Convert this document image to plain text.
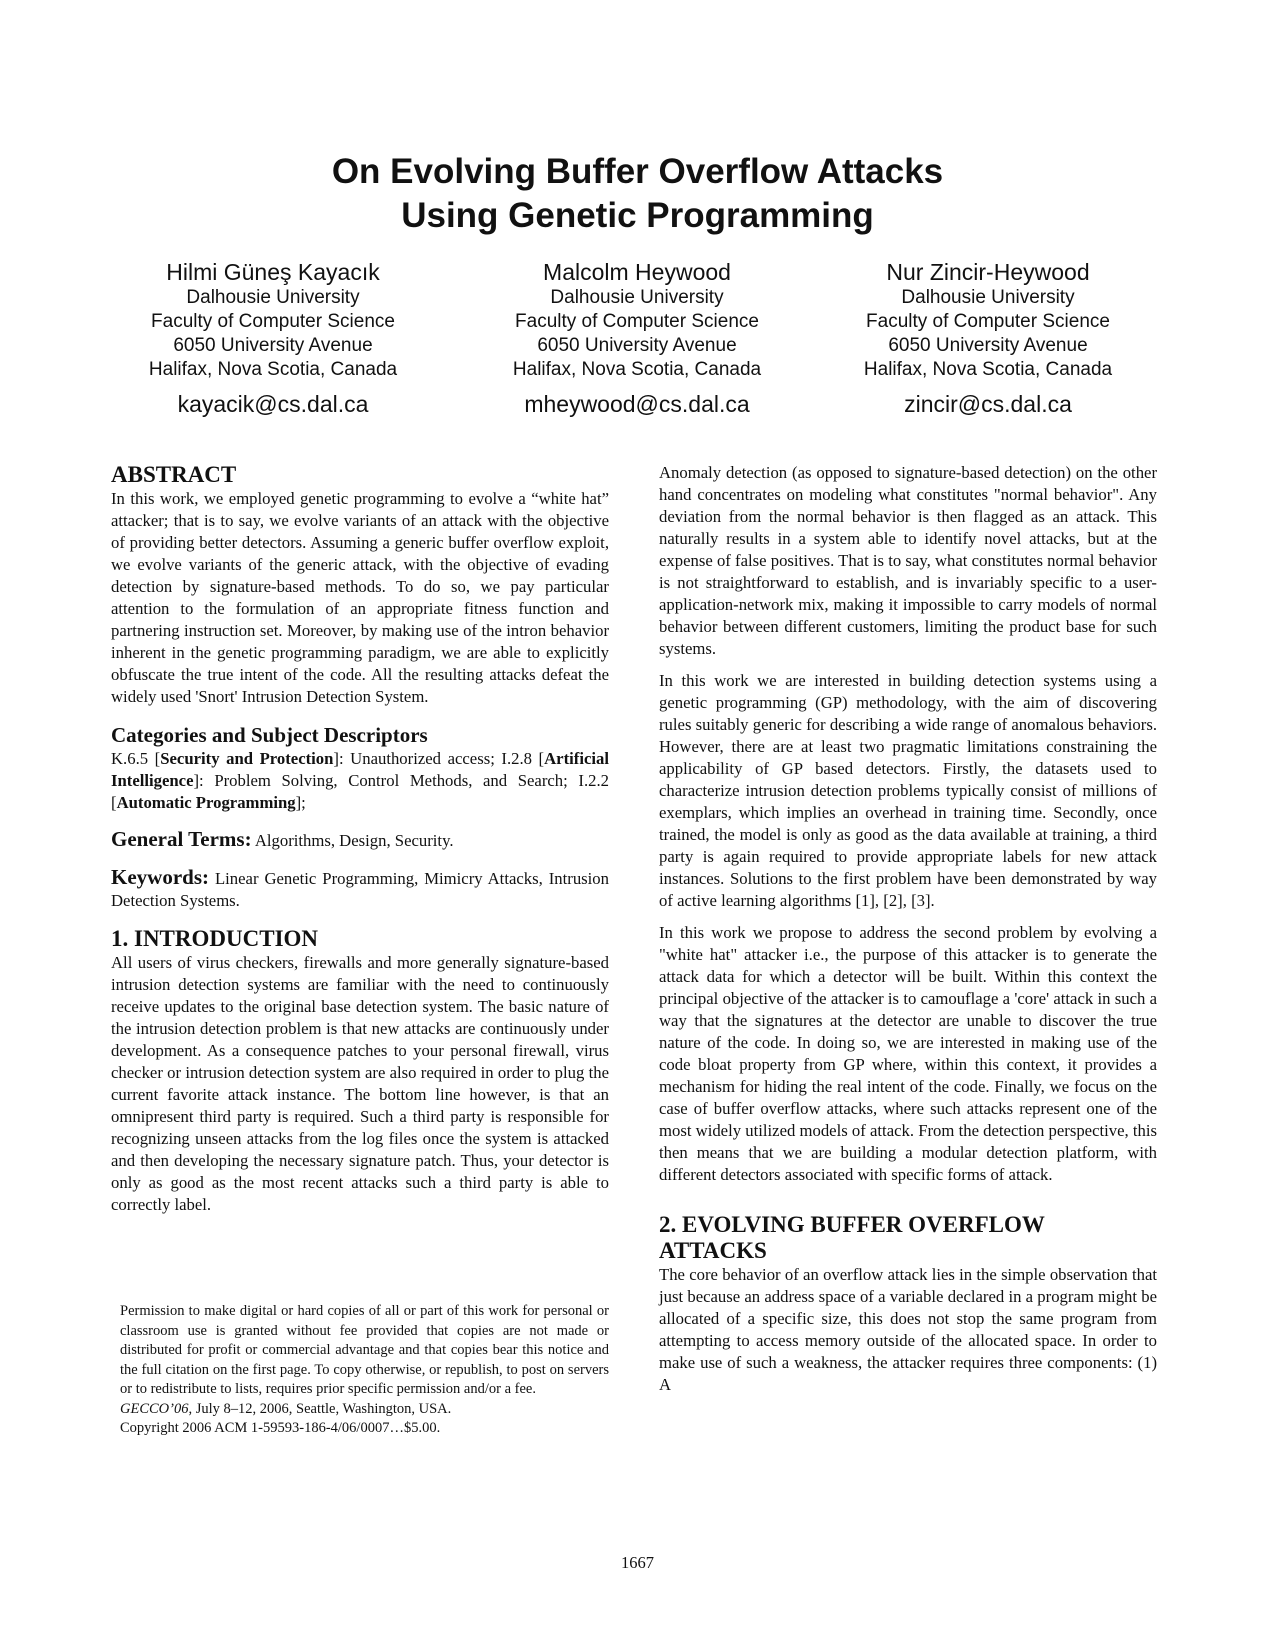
On Evolving Buffer Overflow Attacks
Using Genetic Programming
Hilmi Güneş Kayacık
Dalhousie University
Faculty of Computer Science
6050 University Avenue
Halifax, Nova Scotia, Canada
kayacik@cs.dal.ca
Malcolm Heywood
Dalhousie University
Faculty of Computer Science
6050 University Avenue
Halifax, Nova Scotia, Canada
mheywood@cs.dal.ca
Nur Zincir-Heywood
Dalhousie University
Faculty of Computer Science
6050 University Avenue
Halifax, Nova Scotia, Canada
zincir@cs.dal.ca
ABSTRACT

In this work, we employed genetic programming to evolve a “white hat” attacker; that is to say, we evolve variants of an attack with the objective of providing better detectors. Assuming a generic buffer overflow exploit, we evolve variants of the generic attack, with the objective of evading detection by signature-based methods. To do so, we pay particular attention to the formulation of an appropriate fitness function and partnering instruction set. Moreover, by making use of the intron behavior inherent in the genetic programming paradigm, we are able to explicitly obfuscate the true intent of the code. All the resulting attacks defeat the widely used 'Snort' Intrusion Detection System.

Categories and Subject Descriptors

K.6.5 [Security and Protection]: Unauthorized access; I.2.8 [Artificial Intelligence]: Problem Solving, Control Methods, and Search; I.2.2 [Automatic Programming];

General Terms: Algorithms, Design, Security.

Keywords: Linear Genetic Programming, Mimicry Attacks, Intrusion Detection Systems.

1. INTRODUCTION

All users of virus checkers, firewalls and more generally signature-based intrusion detection systems are familiar with the need to continuously receive updates to the original base detection system. The basic nature of the intrusion detection problem is that new attacks are continuously under development. As a consequence patches to your personal firewall, virus checker or intrusion detection system are also required in order to plug the current favorite attack instance. The bottom line however, is that an omnipresent third party is required. Such a third party is responsible for recognizing unseen attacks from the log files once the system is attacked and then developing the necessary signature patch. Thus, your detector is only as good as the most recent attacks such a third party is able to correctly label.

Permission to make digital or hard copies of all or part of this work for personal or classroom use is granted without fee provided that copies are not made or distributed for profit or commercial advantage and that copies bear this notice and the full citation on the first page. To copy otherwise, or republish, to post on servers or to redistribute to lists, requires prior specific permission and/or a fee.

GECCO’06, July 8–12, 2006, Seattle, Washington, USA.

Copyright 2006 ACM 1-59593-186-4/06/0007…$5.00.

Anomaly detection (as opposed to signature-based detection) on the other hand concentrates on modeling what constitutes "normal behavior". Any deviation from the normal behavior is then flagged as an attack. This naturally results in a system able to identify novel attacks, but at the expense of false positives. That is to say, what constitutes normal behavior is not straightforward to establish, and is invariably specific to a user-application-network mix, making it impossible to carry models of normal behavior between different customers, limiting the product base for such systems.

In this work we are interested in building detection systems using a genetic programming (GP) methodology, with the aim of discovering rules suitably generic for describing a wide range of anomalous behaviors. However, there are at least two pragmatic limitations constraining the applicability of GP based detectors. Firstly, the datasets used to characterize intrusion detection problems typically consist of millions of exemplars, which implies an overhead in training time. Secondly, once trained, the model is only as good as the data available at training, a third party is again required to provide appropriate labels for new attack instances. Solutions to the first problem have been demonstrated by way of active learning algorithms [1], [2], [3].

In this work we propose to address the second problem by evolving a "white hat" attacker i.e., the purpose of this attacker is to generate the attack data for which a detector will be built. Within this context the principal objective of the attacker is to camouflage a 'core' attack in such a way that the signatures at the detector are unable to discover the true nature of the code. In doing so, we are interested in making use of the code bloat property from GP where, within this context, it provides a mechanism for hiding the real intent of the code. Finally, we focus on the case of buffer overflow attacks, where such attacks represent one of the most widely utilized models of attack. From the detection perspective, this then means that we are building a modular detection platform, with different detectors associated with specific forms of attack.

2. EVOLVING BUFFER OVERFLOW
ATTACKS

The core behavior of an overflow attack lies in the simple observation that just because an address space of a variable declared in a program might be allocated of a specific size, this does not stop the same program from attempting to access memory outside of the allocated space. In order to make use of such a weakness, the attacker requires three components: (1) A

1667
